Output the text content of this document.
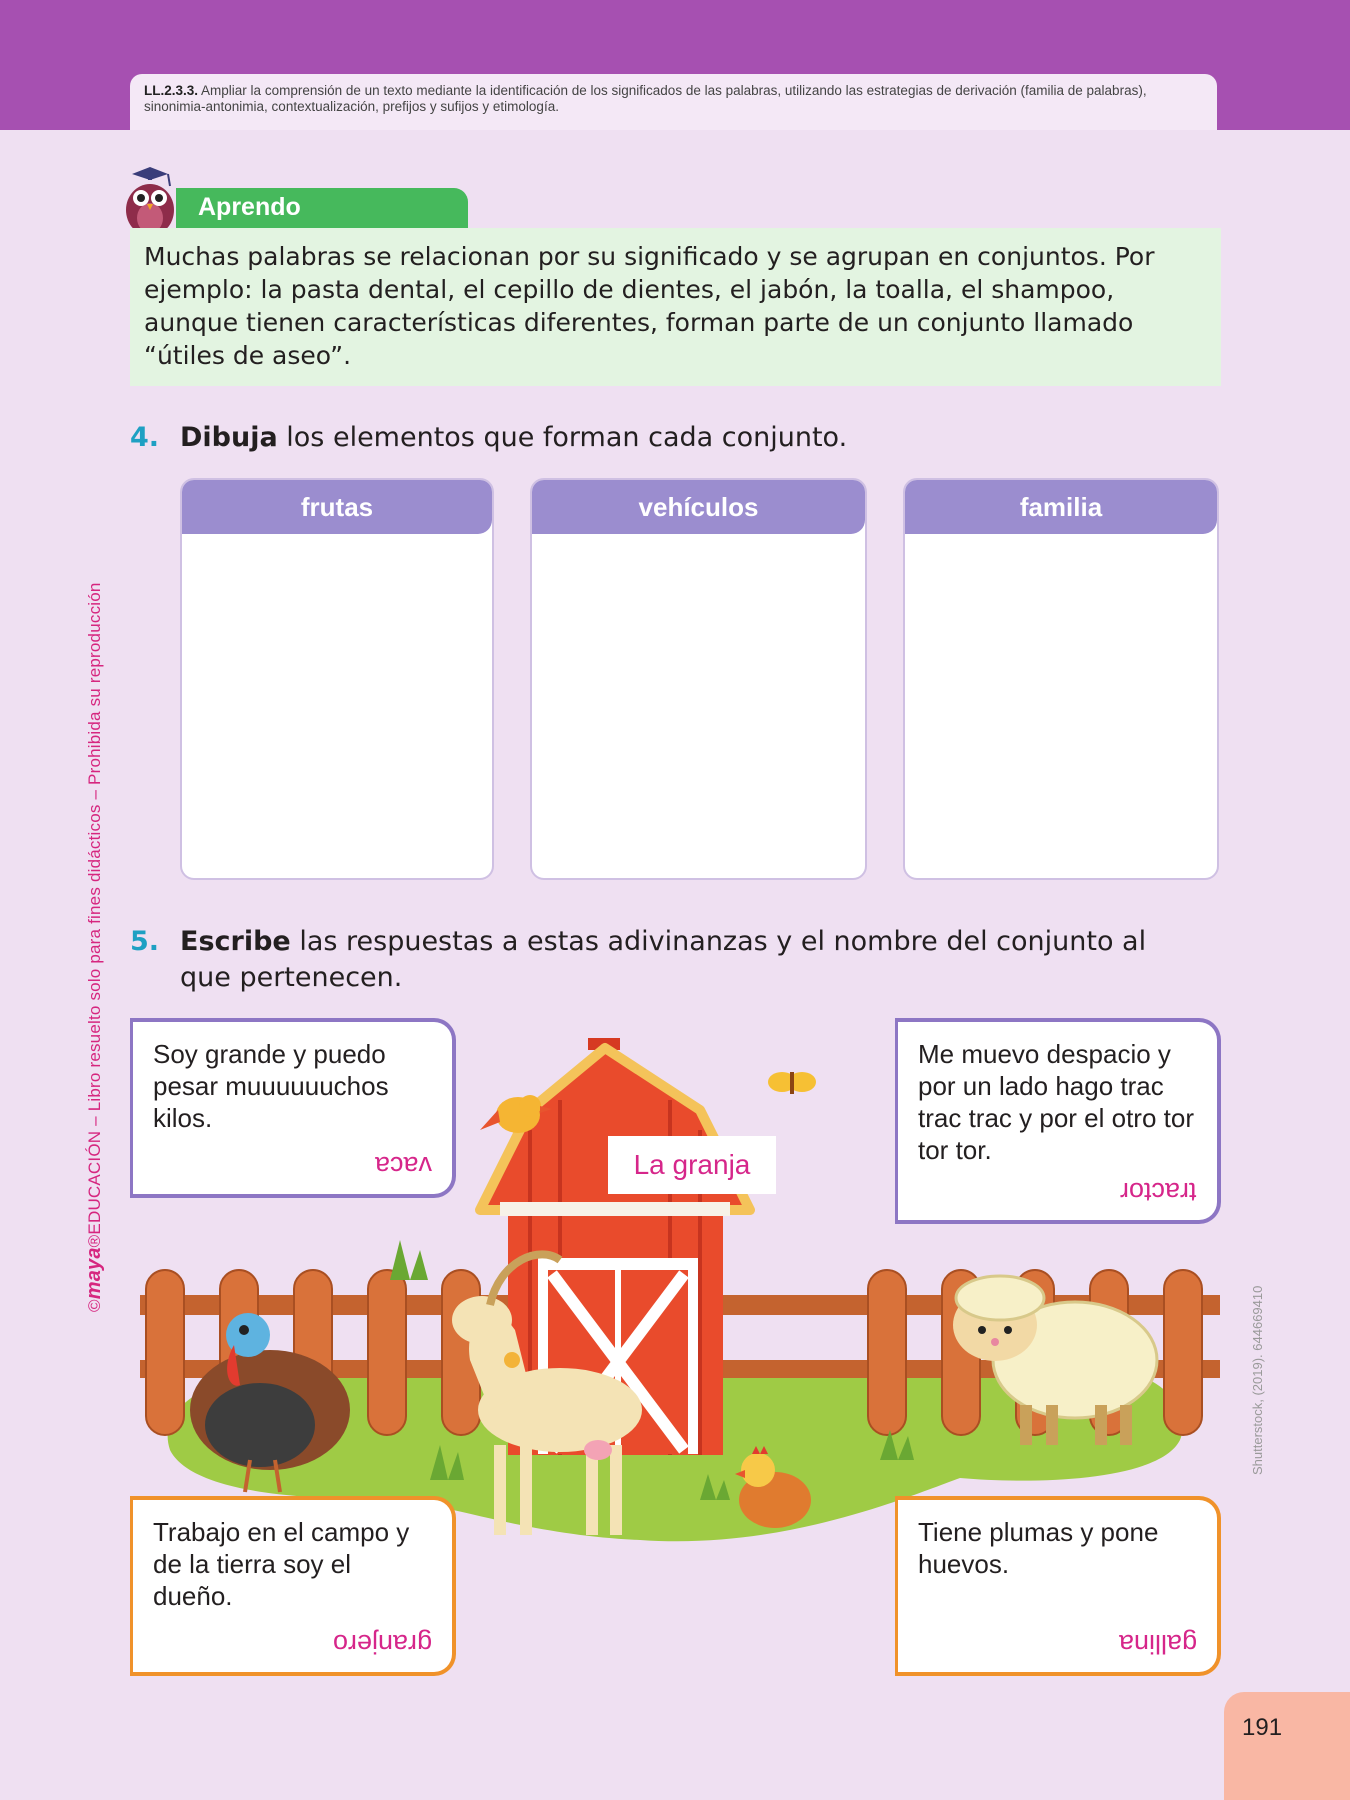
LL.2.3.3. Ampliar la comprensión de un texto mediante la identificación de los significados de las palabras, utilizando las estrategias de derivación (familia de palabras), sinonimia-antonimia, contextualización, prefijos y sufijos y etimología.
©maya®EDUCACIÓN – Libro resuelto solo para fines didácticos – Prohibida su reproducción
Shutterstock, (2019). 644669410
Aprendo
Muchas palabras se relacionan por su significado y se agrupan en conjuntos. Por ejemplo: la pasta dental, el cepillo de dientes, el jabón, la toalla, el shampoo, aunque tienen características diferentes, forman parte de un conjunto llamado “útiles de aseo”.
4. Dibuja los elementos que forman cada conjunto.
frutas	vehículos	familia
5. Escribe las respuestas a estas adivinanzas y el nombre del conjunto al
que pertenecen.
La granja
Soy grande y puedo pesar muuuuuuchos kilos.
vaca
Me muevo despacio y por un lado hago trac trac trac y por el otro tor tor tor.
tractor
Trabajo en el campo y de la tierra soy el dueño.
granjero
Tiene plumas y pone huevos.
gallina
191
